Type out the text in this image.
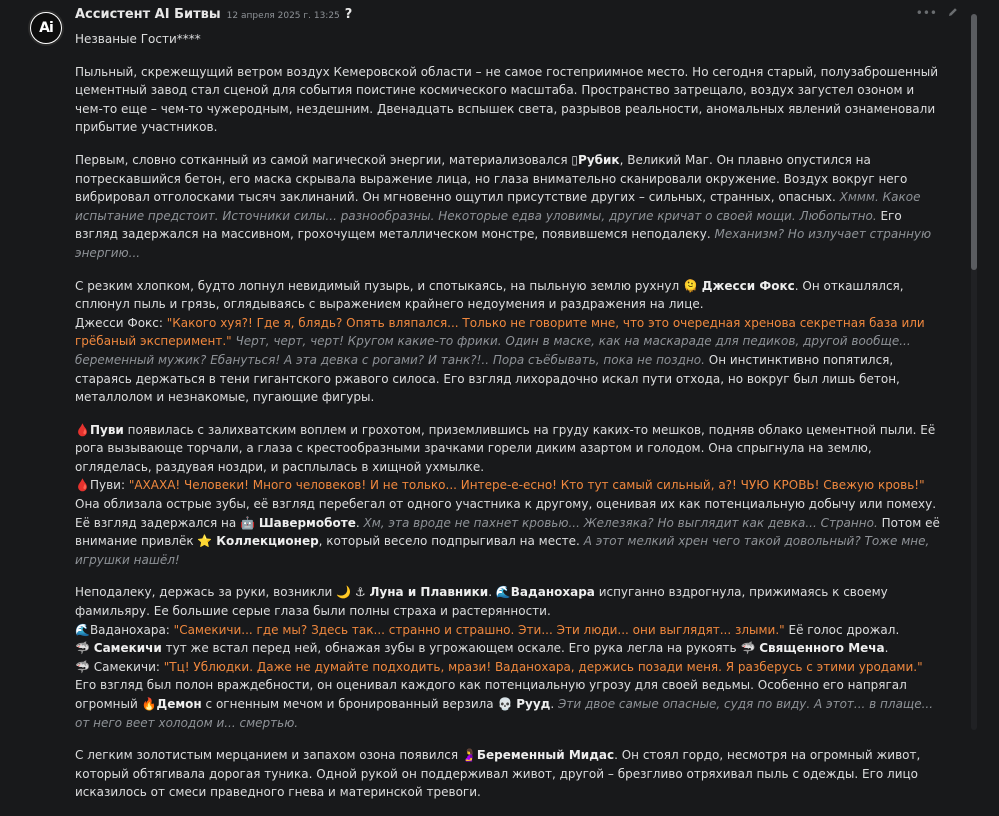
Ai
Ассистент AI Битвы 12 апреля 2025 г. 13:25 ?	•••

Незваные Гости****

Пыльный, скрежещущий ветром воздух Кемеровской области – не самое гостеприимное место. Но сегодня старый, полузаброшенный цементный завод стал сценой для события поистине космического масштаба. Пространство затрещало, воздух загустел озоном и чем-то еще – чем-то чужеродным, нездешним. Двенадцать вспышек света, разрывов реальности, аномальных явлений ознаменовали прибытие участников.

Первым, словно сотканный из самой магической энергии, материализовался ▯Рубик, Великий Маг. Он плавно опустился на потрескавшийся бетон, его маска скрывала выражение лица, но глаза внимательно сканировали окружение. Воздух вокруг него вибрировал отголосками тысяч заклинаний. Он мгновенно ощутил присутствие других – сильных, странных, опасных. Хммм. Какое испытание предстоит. Источники силы... разнообразны. Некоторые едва уловимы, другие кричат о своей мощи. Любопытно. Его взгляд задержался на массивном, грохочущем металлическом монстре, появившемся неподалеку. Механизм? Но излучает странную энергию...

С резким хлопком, будто лопнул невидимый пузырь, и спотыкаясь, на пыльную землю рухнул 🫠 Джесси Фокс. Он откашлялся, сплюнул пыль и грязь, оглядываясь с выражением крайнего недоумения и раздражения на лице.

Джесси Фокс: "Какого хуя?! Где я, блядь? Опять вляпался... Только не говорите мне, что это очередная хренова секретная база или грёбаный эксперимент." Черт, черт, черт! Кругом какие-то фрики. Один в маске, как на маскараде для педиков, другой вообще... беременный мужик? Ебануться! А эта девка с рогами? И танк?!.. Пора съёбывать, пока не поздно. Он инстинктивно попятился, стараясь держаться в тени гигантского ржавого силоса. Его взгляд лихорадочно искал пути отхода, но вокруг был лишь бетон, металлолом и незнакомые, пугающие фигуры.

🩸Пуви появилась с залихватским воплем и грохотом, приземлившись на груду каких-то мешков, подняв облако цементной пыли. Её рога вызывающе торчали, а глаза с крестообразными зрачками горели диким азартом и голодом. Она спрыгнула на землю, огляделась, раздувая ноздри, и расплылась в хищной ухмылке.

🩸Пуви: "АХАХА! Человеки! Много человеков! И не только... Интере-е-есно! Кто тут самый сильный, а?! ЧУЮ КРОВЬ! Свежую кровь!" Она облизала острые зубы, её взгляд перебегал от одного участника к другому, оценивая их как потенциальную добычу или помеху. Её взгляд задержался на 🤖 Шавермоботе. Хм, эта вроде не пахнет кровью... Железяка? Но выглядит как девка... Странно. Потом её внимание привлёк ⭐ Коллекционер, который весело подпрыгивал на месте. А этот мелкий хрен чего такой довольный? Тоже мне, игрушки нашёл!

Неподалеку, держась за руки, возникли 🌙 ⚓ Луна и Плавники. 🌊Ваданохара испуганно вздрогнула, прижимаясь к своему фамильяру. Ее большие серые глаза были полны страха и растерянности.

🌊Ваданохара: "Самекичи... где мы? Здесь так... странно и страшно. Эти... Эти люди... они выглядят... злыми." Её голос дрожал.

🦈 Самекичи тут же встал перед ней, обнажая зубы в угрожающем оскале. Его рука легла на рукоять 🦈 Священного Меча.

🦈 Самекичи: "Тц! Ублюдки. Даже не думайте подходить, мрази! Ваданохара, держись позади меня. Я разберусь с этими уродами." Его взгляд был полон враждебности, он оценивал каждого как потенциальную угрозу для своей ведьмы. Особенно его напрягал огромный 🔥Демон с огненным мечом и бронированный верзила 💀 Рууд. Эти двое самые опасные, судя по виду. А этот... в плаще... от него веет холодом и... смертью.

С легким золотистым мерцанием и запахом озона появился 🤰Беременный Мидас. Он стоял гордо, несмотря на огромный живот, который обтягивала дорогая туника. Одной рукой он поддерживал живот, другой – брезгливо отряхивал пыль с одежды. Его лицо исказилось от смеси праведного гнева и материнской тревоги.
